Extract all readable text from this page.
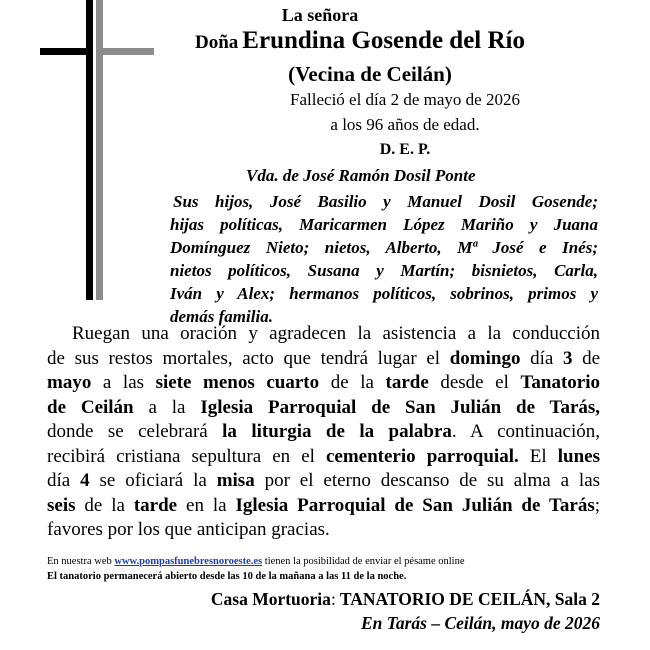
La señora
Doña Erundina Gosende del Río
(Vecina de Ceilán)
Falleció el día 2 de mayo de 2026
a los 96 años de edad.
D. E. P.
Vda. de José Ramón Dosil Ponte
Sus hijos, José Basilio y Manuel Dosil Gosende;
hijas políticas, Maricarmen López Mariño y Juana
Domínguez Nieto; nietos, Alberto, Mª José e Inés;
nietos políticos, Susana y Martín; bisnietos, Carla,
Iván y Alex; hermanos políticos, sobrinos, primos y
demás familia.
Ruegan una oración y agradecen la asistencia a la conducción
de sus restos mortales, acto que tendrá lugar el domingo día 3 de
mayo a las siete menos cuarto de la tarde desde el Tanatorio
de Ceilán a la Iglesia Parroquial de San Julián de Tarás,
donde se celebrará la liturgia de la palabra. A continuación,
recibirá cristiana sepultura en el cementerio parroquial. El lunes
día 4 se oficiará la misa por el eterno descanso de su alma a las
seis de la tarde en la Iglesia Parroquial de San Julián de Tarás;
favores por los que anticipan gracias.
En nuestra web www.pompasfunebresnoroeste.es tienen la posibilidad de enviar el pésame online
El tanatorio permanecerá abierto desde las 10 de la mañana a las 11 de la noche.
Casa Mortuoria: TANATORIO DE CEILÁN, Sala 2
En Tarás – Ceilán, mayo de 2026
